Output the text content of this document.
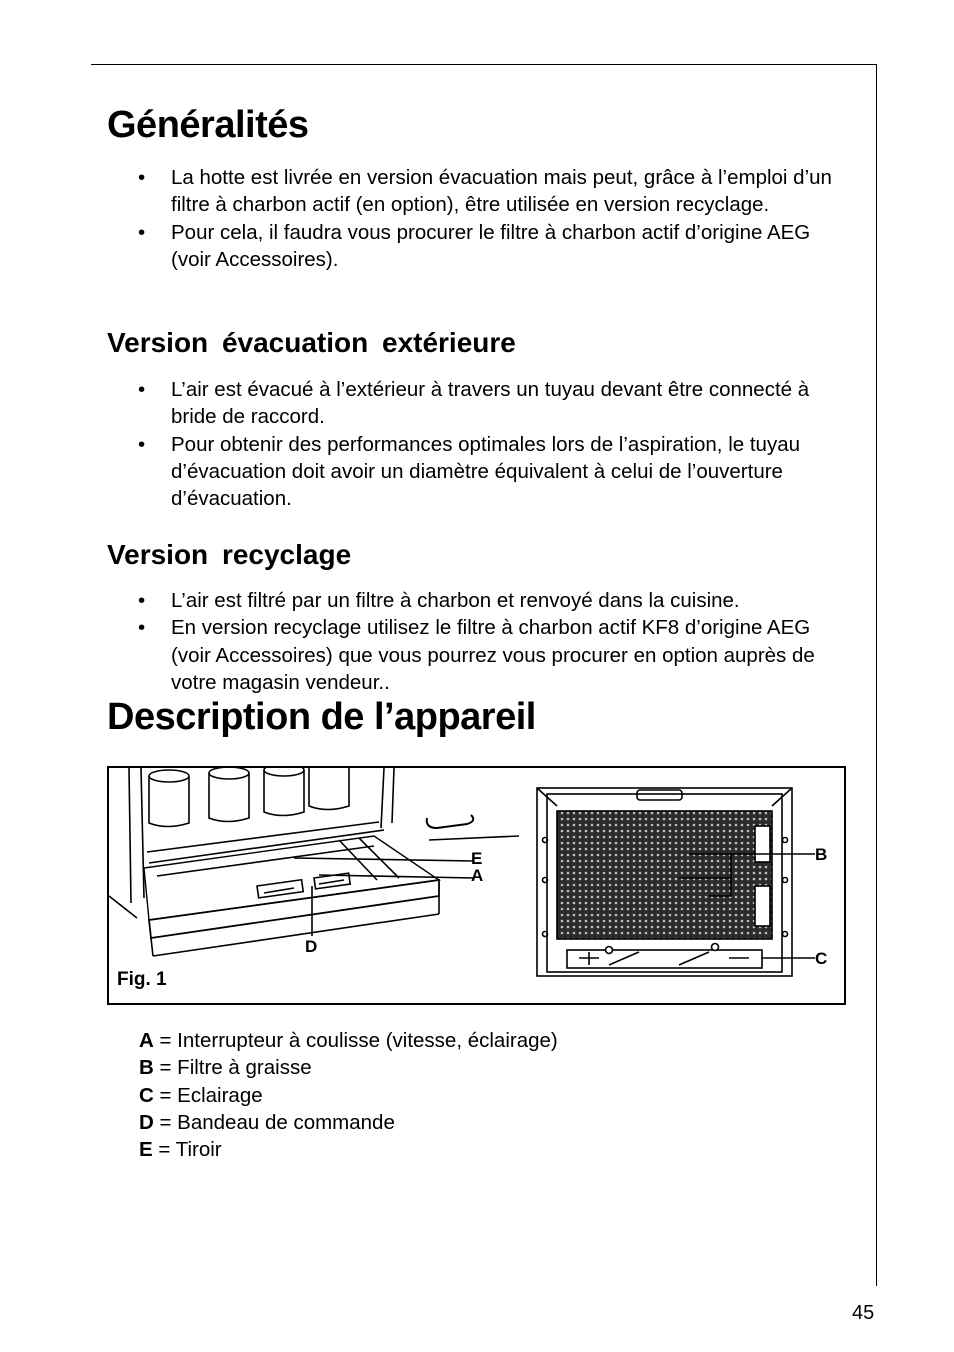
Généralités
• La hotte est livrée en version évacuation mais peut, grâce à l’emploi d’un filtre à charbon actif (en option), être utilisée en version recyclage.
• Pour cela, il faudra vous procurer le filtre à charbon actif d’origine AEG (voir Accessoires).
Version évacuation extérieure
• L’air est évacué à l’extérieur à travers un tuyau devant être connecté à bride de raccord.
• Pour obtenir des performances optimales lors de l’aspiration, le tuyau d’évacuation doit avoir un diamètre équivalent à celui de l’ouverture d’évacuation.
Version recyclage
• L’air est filtré par un filtre à charbon et renvoyé dans la cuisine.
• En version recyclage utilisez le filtre à charbon actif KF8 d’origine AEG (voir Accessoires) que vous pourrez vous procurer en option auprès de votre magasin vendeur..
Description de l’appareil
E
A
D
B
C
Fig. 1
A = Interrupteur à coulisse (vitesse, éclairage)
B = Filtre à graisse
C = Eclairage
D = Bandeau de commande
E = Tiroir
45
